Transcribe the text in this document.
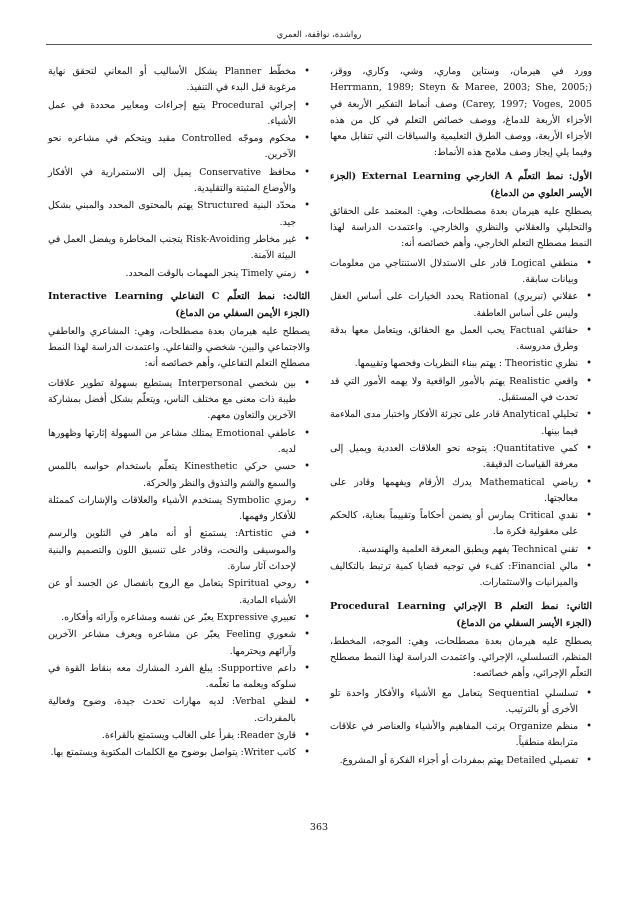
رواشدة، نواقفة، العمري

وورد في هيرمان، وستاين وماري، وشي، وكاري، ووقز، (Herrmann, 1989; Steyn & Maree, 2003; She, 2005; Carey, 1997; Voges, 2005) وصف أنماط التفكير الأربعة في الأجزاء الأربعة للدماغ، ووصف خصائص التعلم في كل من هذه الأجزاء الأربعة، ووصف الطرق التعليمية والسياقات التي تتقابل معها وفيما يلي إيجاز وصف ملامح هذه الأنماط:

الأول: نمط التعلّم A الخارجي External Learning (الجزء الأيسر العلوي من الدماغ)

يصطلح عليه هيرمان بعدة مصطلحات، وهي: المعتمد على الحقائق والتحليلي والعقلاني والنظري والخارجي. واعتمدت الدراسة لهذا النمط مصطلح التعلم الخارجي، وأهم خصائصه أنه:

• منطقي Logical قادر على الاستدلال الاستنتاجي من معلومات وبيانات سابقة.
• عقلاني (تبريري) Rational يحدد الخيارات على أساس العقل وليس على أساس العاطفة.
• حقائقي Factual يحب العمل مع الحقائق، ويتعامل معها بدقة وطرق مدروسة.
• نظري Theoristic : يهتم ببناء النظريات وفحصها وتقييمها.
• واقعي Realistic يهتم بالأمور الواقعية ولا يهمه الأمور التي قد تحدث في المستقبل.
• تحليلي Analytical قادر على تجزئة الأفكار واختبار مدى الملاءمة فيما بينها.
• كمي Quantitative: يتوجه نحو العلاقات العددية ويميل إلى معرفة القياسات الدقيقة.
• رياضي Mathematical يدرك الأرقام ويفهمها وقادر على معالجتها.
• نقدي Critical يمارس أو يضمن أحكاماً وتقييماً بعناية، كالحكم على معقولية فكرة ما.
• تقني Technical يفهم ويطبق المعرفة العلمية والهندسية.
• مالي Financial: كفء في توجيه قضايا كمية ترتبط بالتكاليف والميزانيات والاستثمارات.
الثاني: نمط التعلم B الإجرائي Procedural Learning (الجزء الأيسر السفلي من الدماغ)

يصطلح عليه هيرمان بعدة مصطلحات، وهي: الموجه، المخطط، المنظم، التسلسلي، الإجرائي. واعتمدت الدراسة لهذا النمط مصطلح التعلّم الإجرائي، وأهم خصائصه:

• تسلسلي Sequential يتعامل مع الأشياء والأفكار واحدة تلو الأخرى أو بالترتيب.
• منظم Organize يرتب المفاهيم والأشياء والعناصر في علاقات مترابطة منطقياً.
• تفصيلي Detailed يهتم بمفردات أو أجزاء الفكرة أو المشروع.
• مخطّط Planner يشكل الأساليب أو المعاني لتحقق نهاية مرغوبة قبل البدء في التنفيذ.
• إجرائي Procedural يتبع إجراءات ومعايير محددة في عمل الأشياء.
• محكوم وموجّه Controlled مقيد ويتحكم في مشاعره نحو الآخرين.
• محافظ Conservative يميل إلى الاستمرارية في الأفكار والأوضاع المثبتة والتقليدية.
• محدّد البنية Structured يهتم بالمحتوى المحدد والمبني بشكل جيد.
• غير مخاطر Risk-Avoiding يتجنب المخاطرة ويفضل العمل في البيئة الآمنة.
• زمني Timely ينجز المهمات بالوقت المحدد.
الثالث: نمط التعلّم C التفاعلي Interactive Learning (الجزء الأيمن السفلي من الدماغ)

يصطلح عليه هيرمان بعدة مصطلحات، وهي: المشاعري والعاطفي والاجتماعي والبين- شخصي والتفاعلي. واعتمدت الدراسة لهذا النمط مصطلح التعلم التفاعلي، وأهم خصائصه أنه:

• بين شخصي Interpersonal يستطيع بسهولة تطوير علاقات طيبة ذات معنى مع مختلف الناس، ويتعلّم بشكل أفضل بمشاركة الآخرين والتعاون معهم.
• عاطفي Emotional يمتلك مشاعر من السهولة إثارتها وظهورها لديه.
• حسي حركي Kinesthetic يتعلّم باستخدام حواسه باللمس والسمع والشم والتذوق والنظر والحركة.
• رمزي Symbolic يستخدم الأشياء والعلاقات والإشارات كممثلة للأفكار وفهمها.
• فني Artistic: يستمتع أو أنه ماهر في التلوين والرسم والموسيقى والنحت، وقادر على تنسيق اللون والتصميم والبنية لإحداث آثار سارة.
• روحي Spiritual يتعامل مع الروح بانفصال عن الجسد أو عن الأشياء المادية.
• تعبيري Expressive يعبّر عن نفسه ومشاعره وآرائه وأفكاره.
• شعوري Feeling يعبّر عن مشاعره ويعرف مشاعر الآخرين وآرائهم ويحترمها.
• داعم Supportive: يبلغ الفرد المشارك معه بنقاط القوة في سلوكه ويعلمه ما تعلّمه.
• لفظي Verbal: لديه مهارات تحدث جيدة، وضوح وفعالية بالمفردات.
• قارئ Reader: يقرأ على الغالب ويستمتع بالقراءة.
• كاتب Writer: يتواصل بوضوح مع الكلمات المكتوبة ويستمتع بها.
363
